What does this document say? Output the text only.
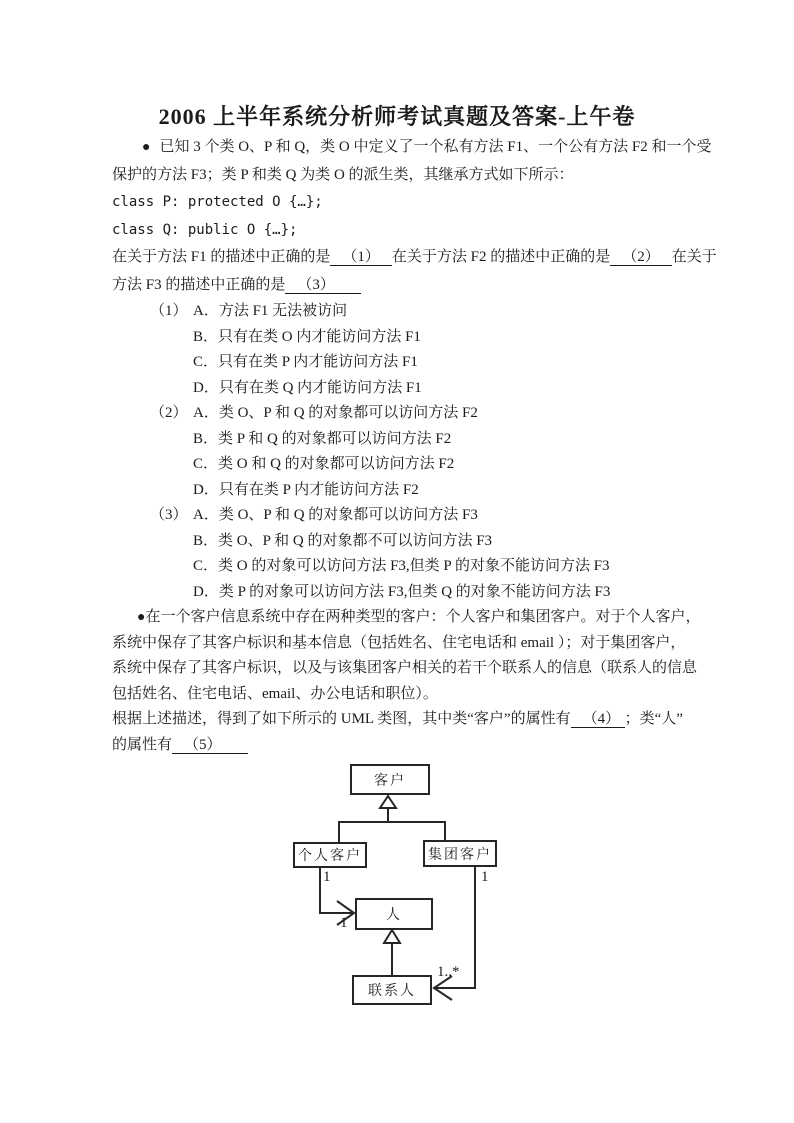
2006 上半年系统分析师考试真题及答案-上午卷
● 已知 3 个类 O、P 和 Q，类 O 中定义了一个私有方法 F1、一个公有方法 F2 和一个受
保护的方法 F3；类 P 和类 Q 为类 O 的派生类，其继承方式如下所示：
class P: protected O {…};
class Q: public O {…};
在关于方法 F1 的描述中正确的是 （1） 在关于方法 F2 的描述中正确的是 （2） 在关于
方法 F3 的描述中正确的是 （3）
（1） A．方法 F1 无法被访问
B．只有在类 O 内才能访问方法 F1
C．只有在类 P 内才能访问方法 F1
D．只有在类 Q 内才能访问方法 F1
（2） A．类 O、P 和 Q 的对象都可以访问方法 F2
B．类 P 和 Q 的对象都可以访问方法 F2
C．类 O 和 Q 的对象都可以访问方法 F2
D．只有在类 P 内才能访问方法 F2
（3） A．类 O、P 和 Q 的对象都可以访问方法 F3
B．类 O、P 和 Q 的对象都不可以访问方法 F3
C．类 O 的对象可以访问方法 F3,但类 P 的对象不能访问方法 F3
D．类 P 的对象可以访问方法 F3,但类 Q 的对象不能访问方法 F3
●在一个客户信息系统中存在两种类型的客户：个人客户和集团客户。对于个人客户，
系统中保存了其客户标识和基本信息（包括姓名、住宅电话和 email ）；对于集团客户，
系统中保存了其客户标识，以及与该集团客户相关的若干个联系人的信息（联系人的信息
包括姓名、住宅电话、email、办公电话和职位）。
根据上述描述，得到了如下所示的 UML 类图，其中类“客户”的属性有 （4） ；类“人”
的属性有 （5）
客户
个人客户	集团客户
人
联系人
1	1
1
1..*
